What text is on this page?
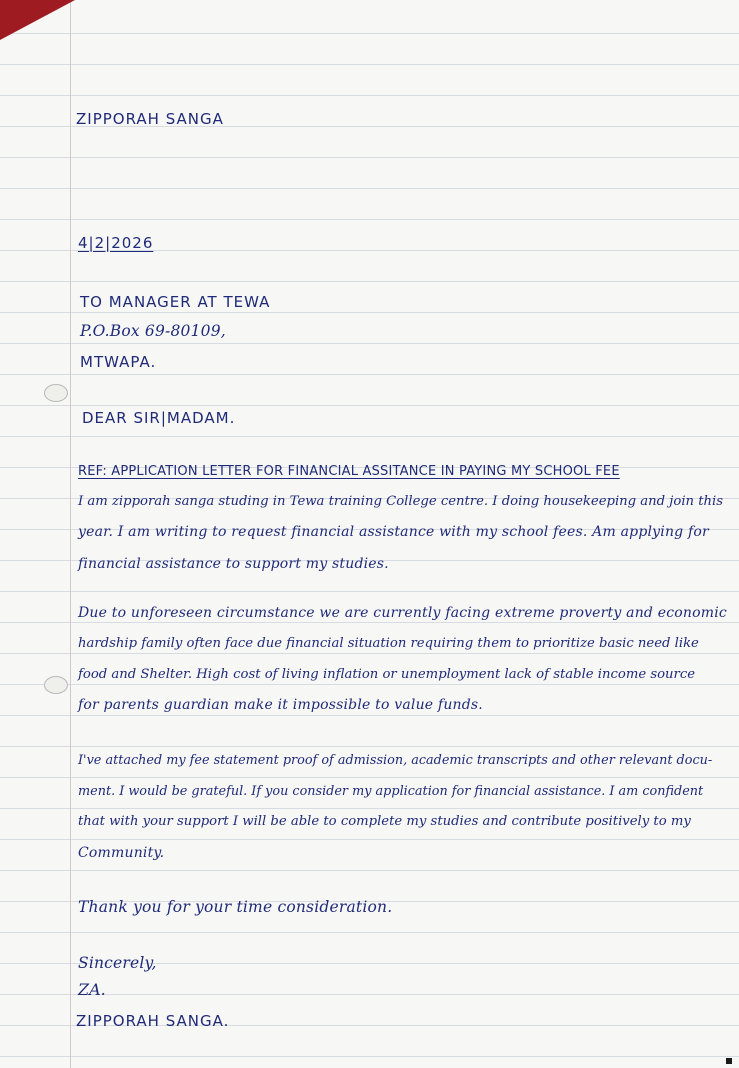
ZIPPORAH SANGA

4|2|2026

TO MANAGER AT TEWA

P.O.Box 69-80109,

MTWAPA.

DEAR SIR|MADAM.

REF: APPLICATION LETTER FOR FINANCIAL ASSITANCE IN PAYING MY SCHOOL FEE

I am zipporah sanga studing in Tewa training College centre. I doing housekeeping and join this

year. I am writing to request financial assistance with my school fees. Am applying for

financial assistance to support my studies.

Due to unforeseen circumstance we are currently facing extreme proverty and economic

hardship family often face due financial situation requiring them to prioritize basic need like

food and Shelter. High cost of living inflation or unemployment lack of stable income source

for parents guardian make it impossible to value funds.

I've attached my fee statement proof of admission, academic transcripts and other relevant docu-

ment. I would be grateful. If you consider my application for financial assistance. I am confident

that with your support I will be able to complete my studies and contribute positively to my

Community.

Thank you for your time consideration.

Sincerely,

ZA.

ZIPPORAH SANGA.
